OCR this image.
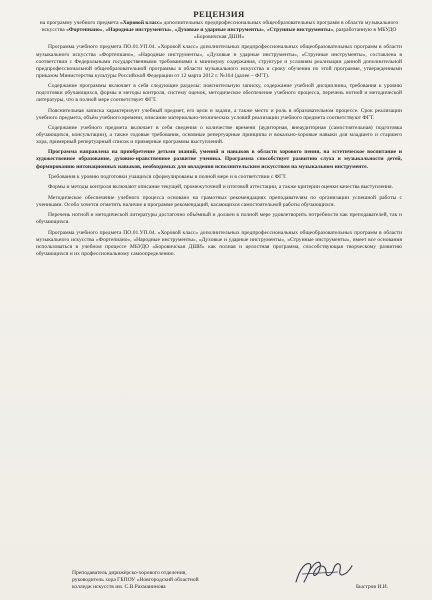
РЕЦЕНЗИЯ

на программу учебного предмета «Хоровой класс» дополнительных предпрофессиональных общеобразовательных программ в области музыкального искусства «Фортепиано», «Народные инструменты», «Духовые и ударные инструменты», «Струнные инструменты», разработанную в МБУДО «Боровичская ДШИ»

Программа учебного предмета ПО.01.УП.04. «Хоровой класс» дополнительных предпрофессиональных общеобразовательных программ в области музыкального искусства «Фортепиано», «Народные инструменты», «Духовые и ударные инструменты», «Струнные инструменты», составлена в соответствии с Федеральными государственными требованиями к минимуму содержания, структуре и условиям реализации данной дополнительной предпрофессиональной общеобразовательной программы в области музыкального искусства и сроку обучения по этой программе, утвержденными приказом Министерства культуры Российской Федерации от 12 марта 2012 г. №164 (далее – ФГТ).

Содержание программы включает в себя следующие разделы: пояснительную записку, содержание учебной дисциплины, требования к уровню подготовки обучающихся, формы и методы контроля, систему оценок, методическое обеспечение учебного процесса, перечень нотной и методической литературы, что в полной мере соответствует ФГТ.

Пояснительная записка характеризует учебный предмет, его цели и задачи, а также место и роль в образовательном процессе. Срок реализации учебного предмета, объём учебного времени, описание материально-технических условий реализации учебного предмета соответствуют ФГТ.

Содержание учебного предмета включает в себя сведения о количестве времени (аудиторная, внеаудиторная (самостоятельная) подготовка обучающихся, консультации), а также годовые требования, основные репертуарные принципы и вокально-хоровые навыки для младшего и старшего хора, примерный репертуарный список и примерные программы выступлений.

Программа направлена на приобретение детьми знаний, умений и навыков в области хорового пения, на эстетическое воспитание и художественное образование, духовно-нравственное развитие ученика. Программа способствует развитию слуха и музыкальности детей, формированию интонационных навыков, необходимых для овладения исполнительским искусством на музыкальном инструменте.

Требования к уровню подготовки учащихся сформулированы в полной мере и в соответствии с ФГТ.

Формы и методы контроля включают описание текущей, промежуточной и итоговой аттестации, а также критерии оценки качества выступления.

Методическое обеспечение учебного процесса основано на грамотных рекомендациях преподавателям по организации успешной работы с учениками. Особо хочется отметить наличие в программе рекомендаций, касающихся самостоятельной работы обучающихся.

Перечень нотной и методической литературы достаточно объёмный и должен в полной мере удовлетворить потребности как преподавателей, так и обучающихся.

Программа учебного предмета ПО.01.УП.04. «Хоровой класс» дополнительных предпрофессиональных общеобразовательных программ в области музыкального искусства «Фортепиано», «Народные инструменты», «Духовые и ударные инструменты», «Струнные инструменты», имеет все основания использоваться в учебном процессе МБУДО «Боровичская ДШИ» как полная и целостная программа, способствующая творческому развитию обучающихся и их профессиональному самоопределению.

Преподаватель дирижёрско-хорового отделения,
руководитель хора ГБПОУ «Новгородский областной
колледж искусств им. С.В.Рахманинова	Быстров И.И.
